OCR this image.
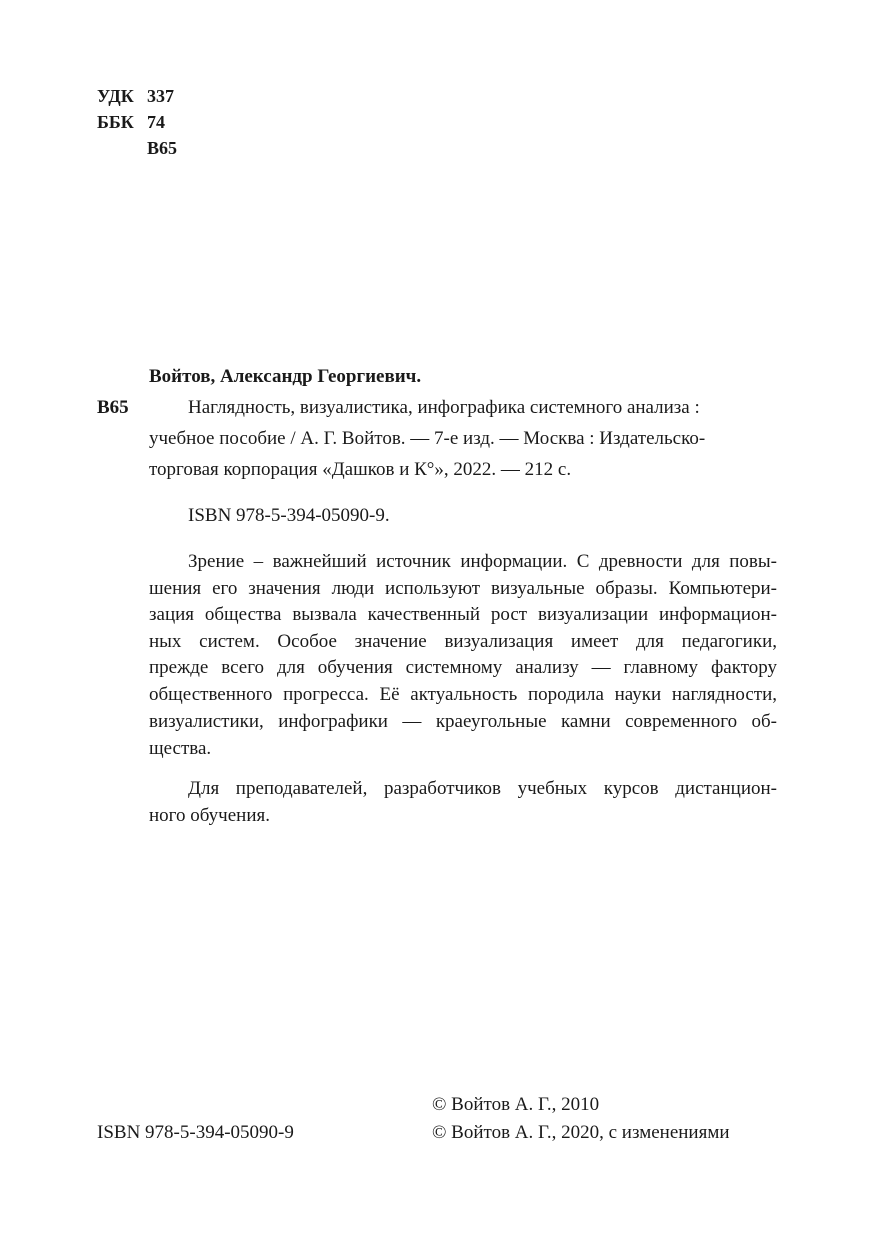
УДК 337
ББК 74
В65
Войтов, Александр Георгиевич.
В65	Наглядность, визуалистика, инфографика системного анализа :
учебное пособие / А. Г. Войтов. — 7-е изд. — Москва : Издательско-
торговая корпорация «Дашков и К°», 2022. — 212 с.
ISBN 978-5-394-05090-9.
Зрение – важнейший источник информации. С древности для повы-
шения его значения люди используют визуальные образы. Компьютери-
зация общества вызвала качественный рост визуализации информацион-
ных систем. Особое значение визуализация имеет для педагогики,
прежде всего для обучения системному анализу — главному фактору
общественного прогресса. Её актуальность породила науки наглядности,
визуалистики, инфографики — краеугольные камни современного об-
щества.
Для преподавателей, разработчиков учебных курсов дистанцион-
ного обучения.
© Войтов А. Г., 2010
ISBN 978-5-394-05090-9	© Войтов А. Г., 2020, с изменениями
